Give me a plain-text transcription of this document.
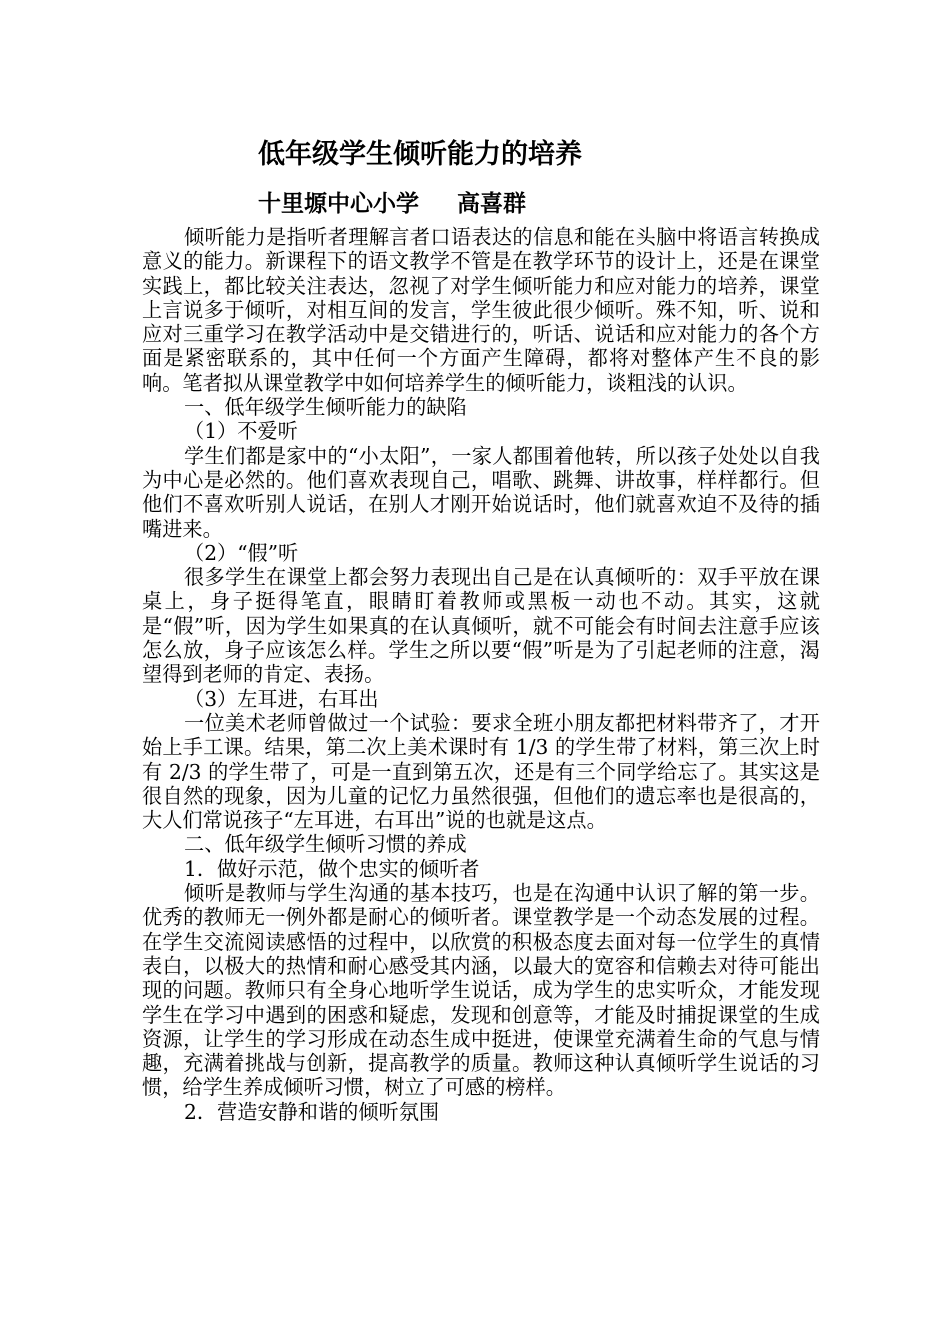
低年级学生倾听能力的培养
十里塬中心小学 高喜群

倾听能力是指听者理解言者口语表达的信息和能在头脑中将语言转换成意义的能力。新课程下的语文教学不管是在教学环节的设计上，还是在课堂实践上，都比较关注表达，忽视了对学生倾听能力和应对能力的培养，课堂上言说多于倾听，对相互间的发言，学生彼此很少倾听。殊不知，听、说和应对三重学习在教学活动中是交错进行的，听话、说话和应对能力的各个方面是紧密联系的，其中任何一个方面产生障碍，都将对整体产生不良的影响。笔者拟从课堂教学中如何培养学生的倾听能力，谈粗浅的认识。

一、低年级学生倾听能力的缺陷

（1）不爱听

学生们都是家中的“小太阳”，一家人都围着他转，所以孩子处处以自我为中心是必然的。他们喜欢表现自己，唱歌、跳舞、讲故事，样样都行。但他们不喜欢听别人说话，在别人才刚开始说话时，他们就喜欢迫不及待的插嘴进来。

（2）“假”听

很多学生在课堂上都会努力表现出自己是在认真倾听的：双手平放在课桌上，身子挺得笔直，眼睛盯着教师或黑板一动也不动。其实，这就是“假”听，因为学生如果真的在认真倾听，就不可能会有时间去注意手应该怎么放，身子应该怎么样。学生之所以要“假”听是为了引起老师的注意，渴望得到老师的肯定、表扬。

（3）左耳进，右耳出

一位美术老师曾做过一个试验：要求全班小朋友都把材料带齐了，才开始上手工课。结果，第二次上美术课时有 1/3 的学生带了材料，第三次上时有 2/3 的学生带了，可是一直到第五次，还是有三个同学给忘了。其实这是很自然的现象，因为儿童的记忆力虽然很强，但他们的遗忘率也是很高的，大人们常说孩子“左耳进，右耳出”说的也就是这点。

二、低年级学生倾听习惯的养成

1．做好示范，做个忠实的倾听者

倾听是教师与学生沟通的基本技巧，也是在沟通中认识了解的第一步。优秀的教师无一例外都是耐心的倾听者。课堂教学是一个动态发展的过程。在学生交流阅读感悟的过程中，以欣赏的积极态度去面对每一位学生的真情表白，以极大的热情和耐心感受其内涵，以最大的宽容和信赖去对待可能出现的问题。教师只有全身心地听学生说话，成为学生的忠实听众，才能发现学生在学习中遇到的困惑和疑虑，发现和创意等，才能及时捕捉课堂的生成资源，让学生的学习形成在动态生成中挺进，使课堂充满着生命的气息与情趣，充满着挑战与创新，提高教学的质量。教师这种认真倾听学生说话的习惯，给学生养成倾听习惯，树立了可感的榜样。

2．营造安静和谐的倾听氛围
